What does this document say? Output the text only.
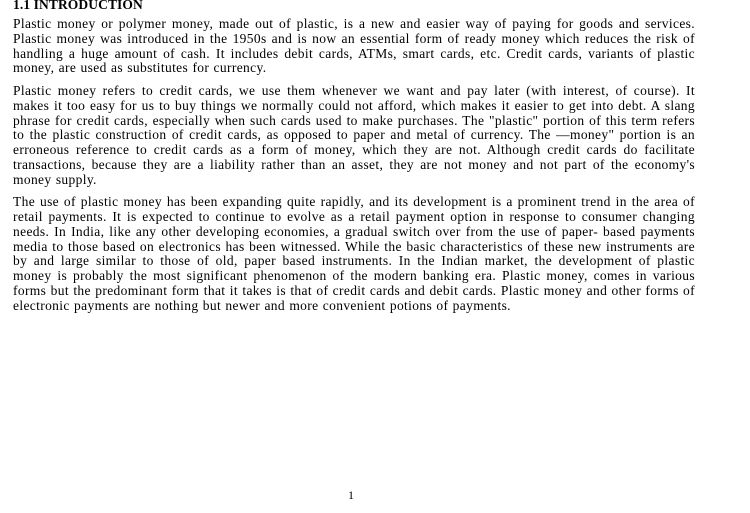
1.1 INTRODUCTION

Plastic money or polymer money, made out of plastic, is a new and easier way of paying for goods and services. Plastic money was introduced in the 1950s and is now an essential form of ready money which reduces the risk of handling a huge amount of cash. It includes debit cards, ATMs, smart cards, etc. Credit cards, variants of plastic money, are used as substitutes for currency.

Plastic money refers to credit cards, we use them whenever we want and pay later (with interest, of course). It makes it too easy for us to buy things we normally could not afford, which makes it easier to get into debt. A slang phrase for credit cards, especially when such cards used to make purchases. The "plastic" portion of this term refers to the plastic construction of credit cards, as opposed to paper and metal of currency. The ―money" portion is an erroneous reference to credit cards as a form of money, which they are not. Although credit cards do facilitate transactions, because they are a liability rather than an asset, they are not money and not part of the economy's money supply.

The use of plastic money has been expanding quite rapidly, and its development is a prominent trend in the area of retail payments. It is expected to continue to evolve as a retail payment option in response to consumer changing needs. In India, like any other developing economies, a gradual switch over from the use of paper- based payments media to those based on electronics has been witnessed. While the basic characteristics of these new instruments are by and large similar to those of old, paper based instruments. In the Indian market, the development of plastic money is probably the most significant phenomenon of the modern banking era. Plastic money, comes in various forms but the predominant form that it takes is that of credit cards and debit cards. Plastic money and other forms of electronic payments are nothing but newer and more convenient potions of payments.

1
